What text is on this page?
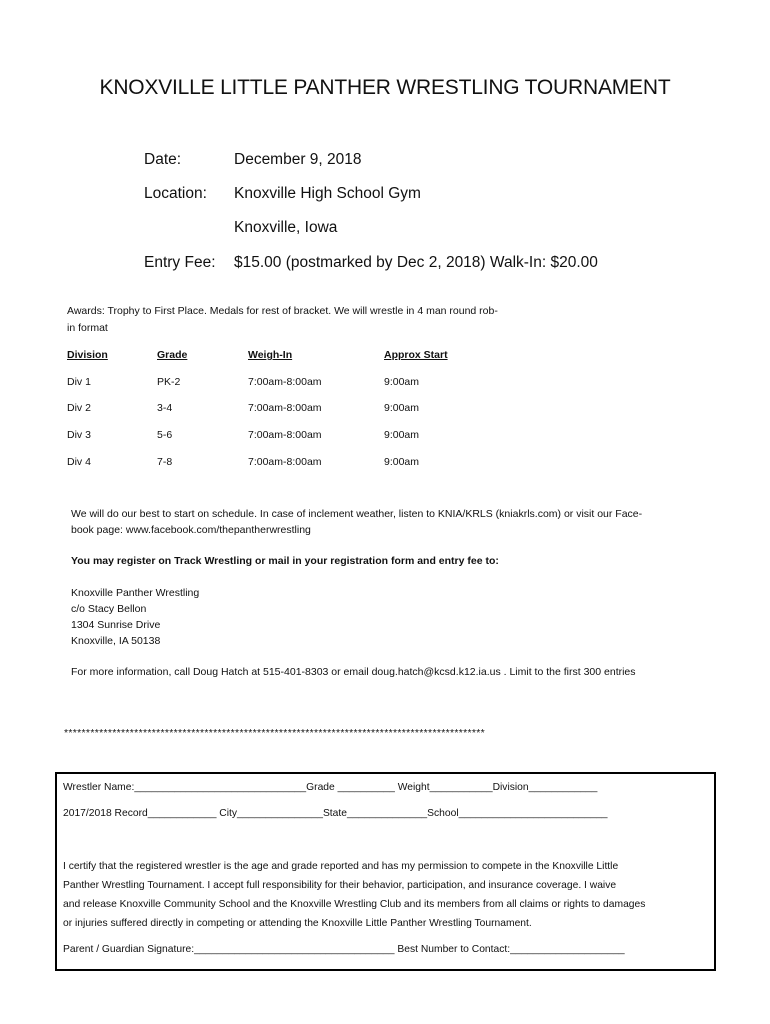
KNOXVILLE LITTLE PANTHER WRESTLING TOURNAMENT
Date:	December 9, 2018
Location: Knoxville High School Gym
Knoxville, Iowa
Entry Fee: $15.00 (postmarked by Dec 2, 2018) Walk-In: $20.00
Awards: Trophy to First Place. Medals for rest of bracket. We will wrestle in 4 man round rob-
in format
Division	Grade	Weigh-In	Approx Start
Div 1	PK-2	7:00am-8:00am	9:00am
Div 2	3-4	7:00am-8:00am	9:00am
Div 3	5-6	7:00am-8:00am	9:00am
Div 4	7-8	7:00am-8:00am	9:00am
We will do our best to start on schedule. In case of inclement weather, listen to KNIA/KRLS (kniakrls.com) or visit our Face-
book page: www.facebook.com/thepantherwrestling
You may register on Track Wrestling or mail in your registration form and entry fee to:
Knoxville Panther Wrestling
c/o Stacy Bellon
1304 Sunrise Drive
Knoxville, IA 50138
For more information, call Doug Hatch at 515-401-8303 or email doug.hatch@kcsd.k12.ia.us . Limit to the first 300 entries
************************************************************************************************
Wrestler Name:______________________________Grade __________ Weight___________Division____________
2017/2018 Record____________ City_______________State______________School__________________________
I certify that the registered wrestler is the age and grade reported and has my permission to compete in the Knoxville Little
Panther Wrestling Tournament. I accept full responsibility for their behavior, participation, and insurance coverage. I waive
and release Knoxville Community School and the Knoxville Wrestling Club and its members from all claims or rights to damages
or injuries suffered directly in competing or attending the Knoxville Little Panther Wrestling Tournament.
Parent / Guardian Signature:___________________________________ Best Number to Contact:____________________
